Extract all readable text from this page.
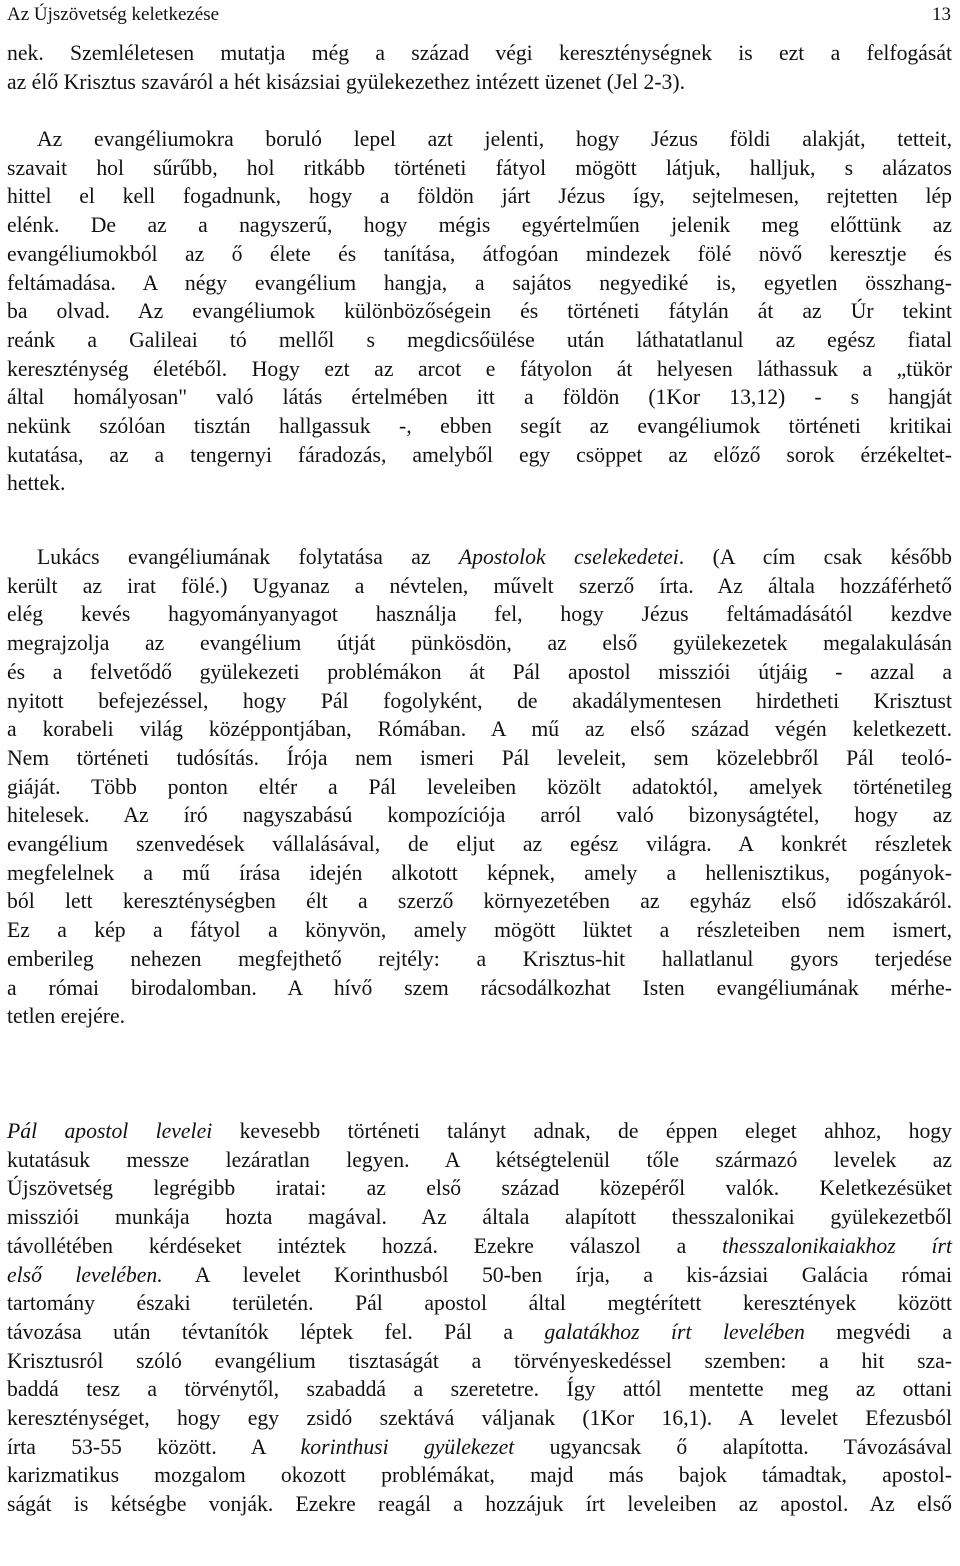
Az Újszövetség keletkezése	13
nek. Szemléletesen mutatja még a század végi kereszténységnek is ezt a felfogását
az élő Krisztus szaváról a hét kisázsiai gyülekezethez intézett üzenet (Jel 2-3).
Az evangéliumokra boruló lepel azt jelenti, hogy Jézus földi alakját, tetteit,
szavait hol sűrűbb, hol ritkább történeti fátyol mögött látjuk, halljuk, s alázatos
hittel el kell fogadnunk, hogy a földön járt Jézus így, sejtelmesen, rejtetten lép
elénk. De az a nagyszerű, hogy mégis egyértelműen jelenik meg előttünk az
evangéliumokból az ő élete és tanítása, átfogóan mindezek fölé növő keresztje és
feltámadása. A négy evangélium hangja, a sajátos negyediké is, egyetlen összhang-
ba olvad. Az evangéliumok különbözőségein és történeti fátylán át az Úr tekint
reánk a Galileai tó mellől s megdicsőülése után láthatatlanul az egész fiatal
kereszténység életéből. Hogy ezt az arcot e fátyolon át helyesen láthassuk a „tükör
által homályosan" való látás értelmében itt a földön (1Kor 13,12) - s hangját
nekünk szólóan tisztán hallgassuk -, ebben segít az evangéliumok történeti kritikai
kutatása, az a tengernyi fáradozás, amelyből egy csöppet az előző sorok érzékeltet-
hettek.
Lukács evangéliumának folytatása az Apostolok cselekedetei. (A cím csak később
került az irat fölé.) Ugyanaz a névtelen, művelt szerző írta. Az általa hozzáférhető
elég kevés hagyományanyagot használja fel, hogy Jézus feltámadásától kezdve
megrajzolja az evangélium útját pünkösdön, az első gyülekezetek megalakulásán
és a felvetődő gyülekezeti problémákon át Pál apostol missziói útjáig - azzal a
nyitott befejezéssel, hogy Pál fogolyként, de akadálymentesen hirdetheti Krisztust
a korabeli világ középpontjában, Rómában. A mű az első század végén keletkezett.
Nem történeti tudósítás. Írója nem ismeri Pál leveleit, sem közelebbről Pál teoló-
giáját. Több ponton eltér a Pál leveleiben közölt adatoktól, amelyek történetileg
hitelesek. Az író nagyszabású kompozíciója arról való bizonyságtétel, hogy az
evangélium szenvedések vállalásával, de eljut az egész világra. A konkrét részletek
megfelelnek a mű írása idején alkotott képnek, amely a hellenisztikus, pogányok-
ból lett kereszténységben élt a szerző környezetében az egyház első időszakáról.
Ez a kép a fátyol a könyvön, amely mögött lüktet a részleteiben nem ismert,
emberileg nehezen megfejthető rejtély: a Krisztus-hit hallatlanul gyors terjedése
a római birodalomban. A hívő szem rácsodálkozhat Isten evangéliumának mérhe-
tetlen erejére.
Pál apostol levelei kevesebb történeti talányt adnak, de éppen eleget ahhoz, hogy
kutatásuk messze lezáratlan legyen. A kétségtelenül tőle származó levelek az
Újszövetség legrégibb iratai: az első század közepéről valók. Keletkezésüket
missziói munkája hozta magával. Az általa alapított thesszalonikai gyülekezetből
távollétében kérdéseket intéztek hozzá. Ezekre válaszol a thesszalonikaiakhoz írt
első levelében. A levelet Korinthusból 50-ben írja, a kis-ázsiai Galácia római
tartomány északi területén. Pál apostol által megtérített keresztények között
távozása után tévtanítók léptek fel. Pál a galatákhoz írt levelében megvédi a
Krisztusról szóló evangélium tisztaságát a törvényeskedéssel szemben: a hit sza-
baddá tesz a törvénytől, szabaddá a szeretetre. Így attól mentette meg az ottani
kereszténységet, hogy egy zsidó szektává váljanak (1Kor 16,1). A levelet Efezusból
írta 53-55 között. A korinthusi gyülekezet ugyancsak ő alapította. Távozásával
karizmatikus mozgalom okozott problémákat, majd más bajok támadtak, apostol-
ságát is kétségbe vonják. Ezekre reagál a hozzájuk írt leveleiben az apostol. Az első
